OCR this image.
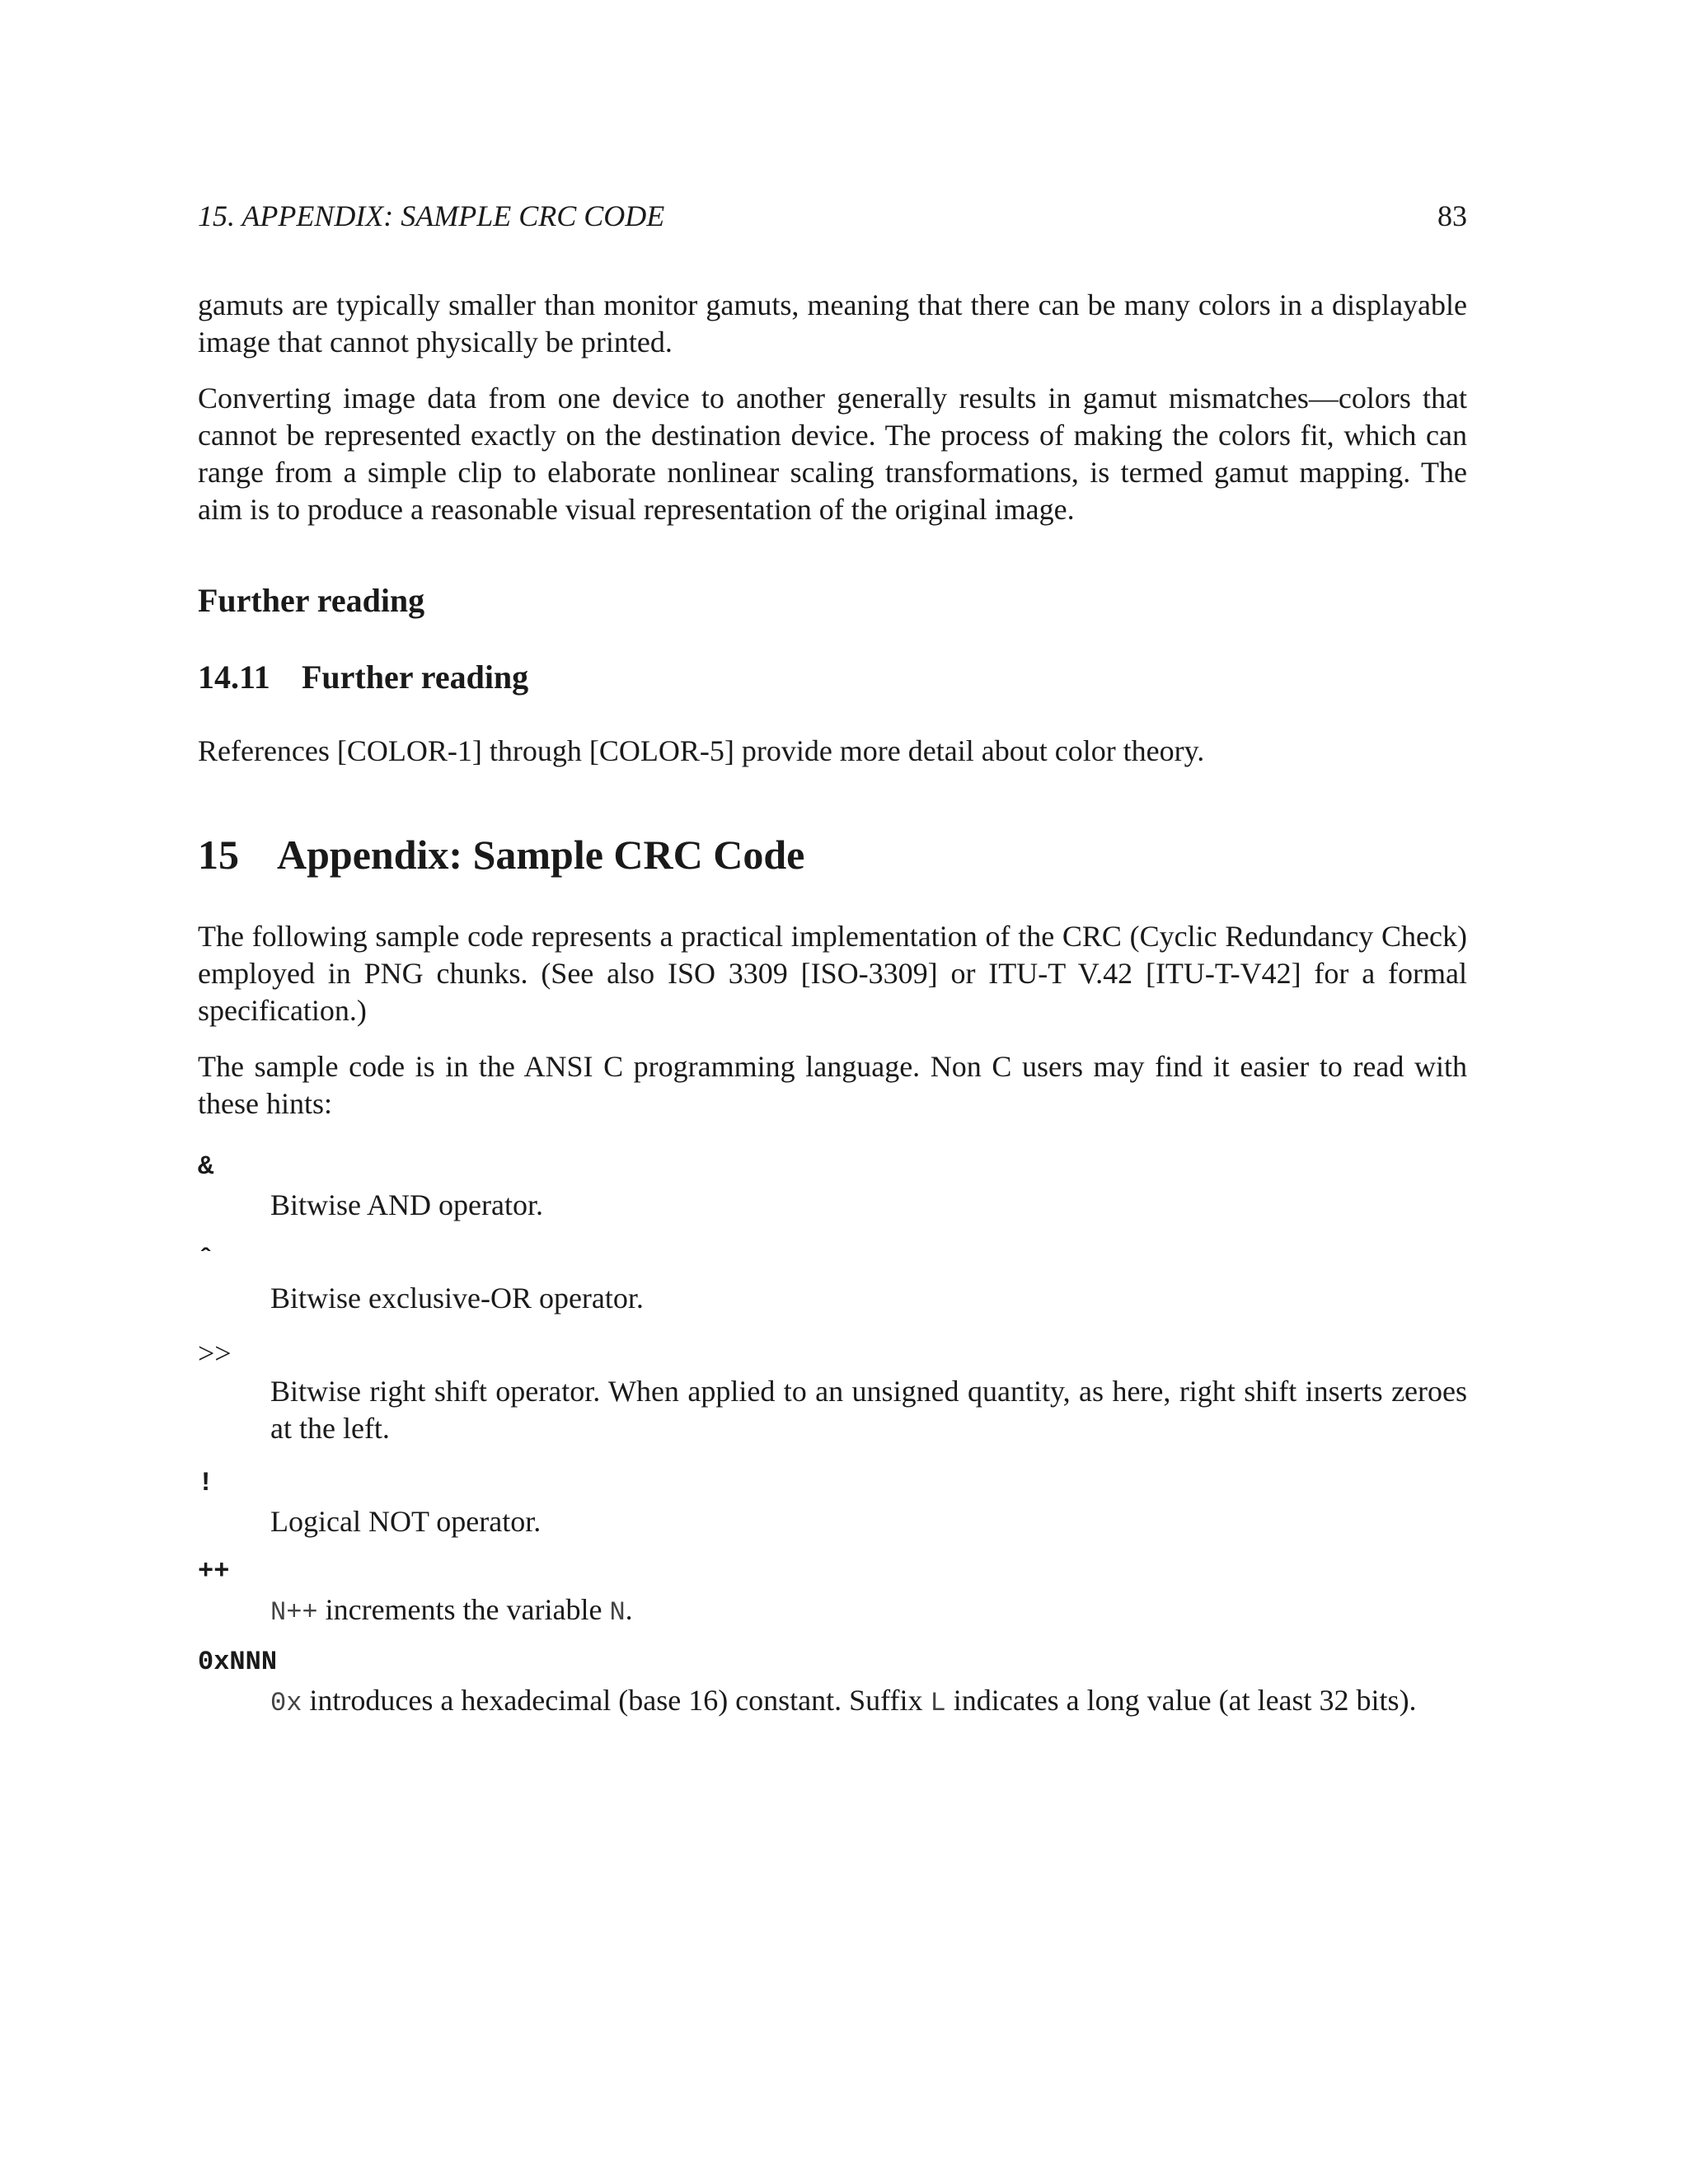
15. APPENDIX: SAMPLE CRC CODE	83

gamuts are typically smaller than monitor gamuts, meaning that there can be many colors in a displayable image that cannot physically be printed.

Converting image data from one device to another generally results in gamut mismatches—colors that cannot be represented exactly on the destination device. The process of making the colors fit, which can range from a simple clip to elaborate nonlinear scaling transformations, is termed gamut mapping. The aim is to produce a reasonable visual representation of the original image.

Further reading
14.11 Further reading

References [COLOR-1] through [COLOR-5] provide more detail about color theory.

15 Appendix: Sample CRC Code

The following sample code represents a practical implementation of the CRC (Cyclic Redundancy Check) employed in PNG chunks. (See also ISO 3309 [ISO-3309] or ITU-T V.42 [ITU-T-V42] for a formal specification.)

The sample code is in the ANSI C programming language. Non C users may find it easier to read with these hints:

&
Bitwise AND operator.
ˆ
Bitwise exclusive-OR operator.
>>
Bitwise right shift operator. When applied to an unsigned quantity, as here, right shift inserts zeroes at the left.
!
Logical NOT operator.
++
N++ increments the variable N.
0xNNN
0x introduces a hexadecimal (base 16) constant. Suffix L indicates a long value (at least 32 bits).
